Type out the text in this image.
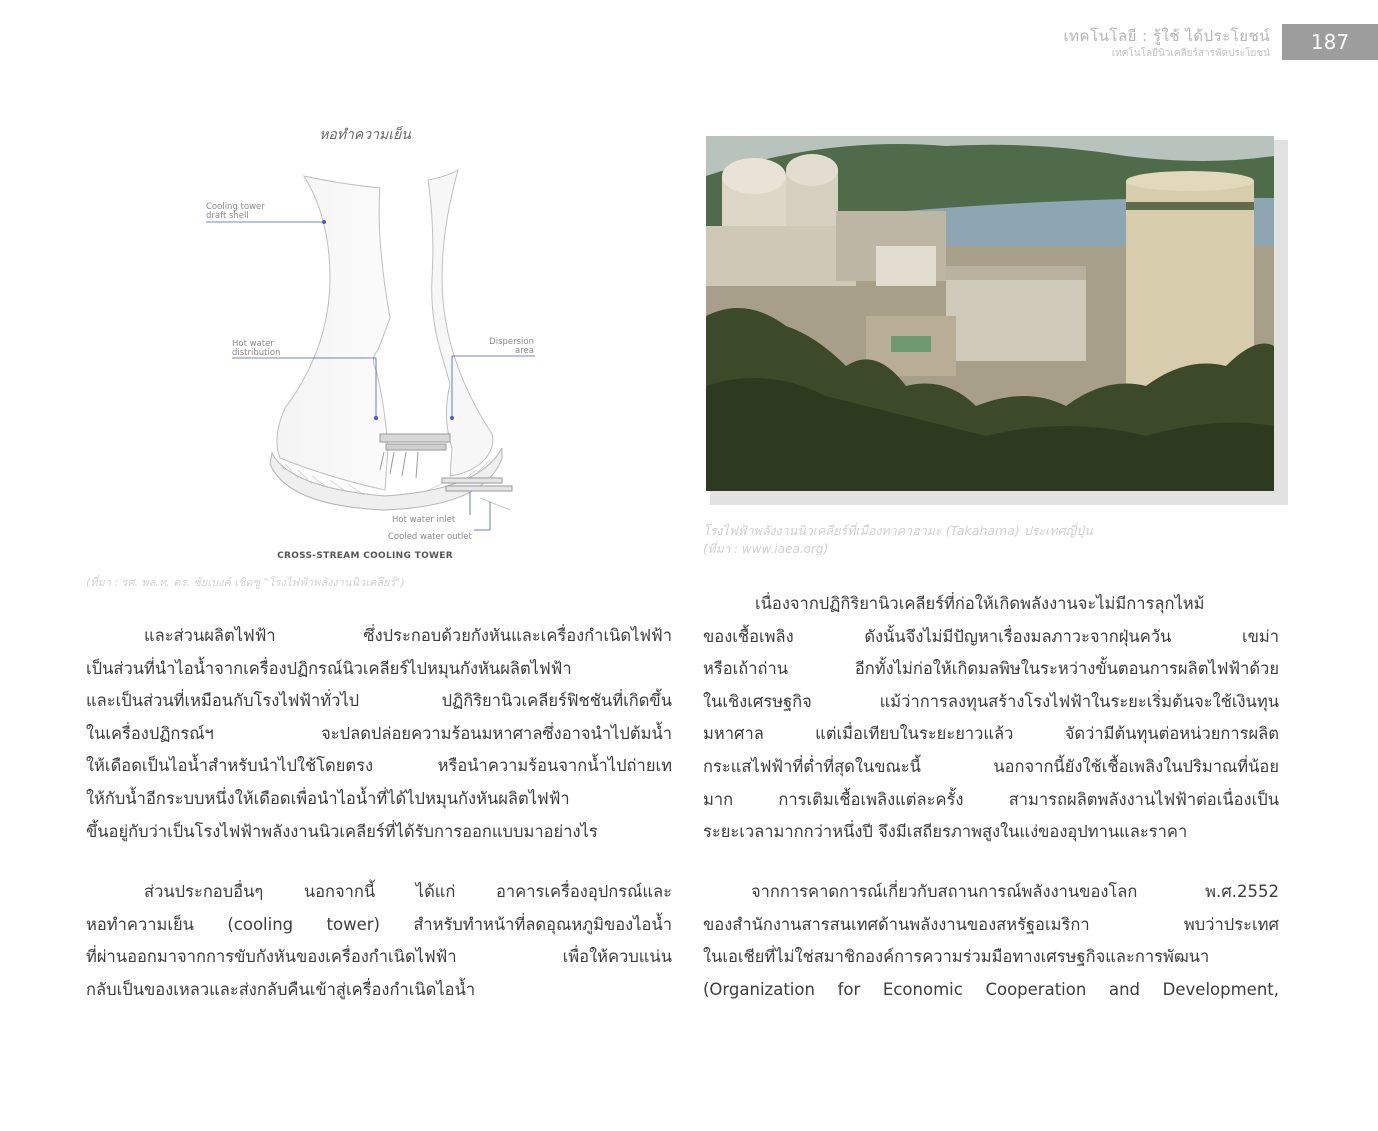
เทคโนโลยี : รู้ใช้ ได้ประโยชน์
เทคโนโลยีนิวเคลียร์สารพัดประโยชน์	187
หอทำความเย็น
Cooling tower
draft shell
Hot water
distribution
Dispersion
area
Hot water inlet
Cooled water outlet
CROSS-STREAM COOLING TOWER
(ที่มา : รศ. พล.ท. ดร. ชัยเบงค์ เชิดชู "โรงไฟฟ้าพลังงานนิวเคลียร์")
โรงไฟฟ้าพลังงานนิวเคลียร์ที่เมืองทาคาฮามะ (Takahama) ประเทศญี่ปุ่น
(ที่มา : www.iaea.org)
และส่วนผลิตไฟฟ้า ซึ่งประกอบด้วยกังหันและเครื่องกำเนิดไฟฟ้า
เป็นส่วนที่นำไอน้ำจากเครื่องปฏิกรณ์นิวเคลียร์ไปหมุนกังหันผลิตไฟฟ้า
และเป็นส่วนที่เหมือนกับโรงไฟฟ้าทั่วไป ปฏิกิริยานิวเคลียร์ฟิชชันที่เกิดขึ้น
ในเครื่องปฏิกรณ์ฯ จะปลดปล่อยความร้อนมหาศาลซึ่งอาจนำไปต้มน้ำ
ให้เดือดเป็นไอน้ำสำหรับนำไปใช้โดยตรง หรือนำความร้อนจากน้ำไปถ่ายเท
ให้กับน้ำอีกระบบหนึ่งให้เดือดเพื่อนำไอน้ำที่ได้ไปหมุนกังหันผลิตไฟฟ้า
ขึ้นอยู่กับว่าเป็นโรงไฟฟ้าพลังงานนิวเคลียร์ที่ได้รับการออกแบบมาอย่างไร
ส่วนประกอบอื่นๆ นอกจากนี้ ได้แก่ อาคารเครื่องอุปกรณ์และ
หอทำความเย็น (cooling tower) สำหรับทำหน้าที่ลดอุณหภูมิของไอน้ำ
ที่ผ่านออกมาจากการขับกังหันของเครื่องกำเนิดไฟฟ้า เพื่อให้ควบแน่น
กลับเป็นของเหลวและส่งกลับคืนเข้าสู่เครื่องกำเนิดไอน้ำ
เนื่องจากปฏิกิริยานิวเคลียร์ที่ก่อให้เกิดพลังงานจะไม่มีการลุกไหม้
ของเชื้อเพลิง ดังนั้นจึงไม่มีปัญหาเรื่องมลภาวะจากฝุ่นควัน เขม่า
หรือเถ้าถ่าน อีกทั้งไม่ก่อให้เกิดมลพิษในระหว่างขั้นตอนการผลิตไฟฟ้าด้วย
ในเชิงเศรษฐกิจ แม้ว่าการลงทุนสร้างโรงไฟฟ้าในระยะเริ่มต้นจะใช้เงินทุน
มหาศาล แต่เมื่อเทียบในระยะยาวแล้ว จัดว่ามีต้นทุนต่อหน่วยการผลิต
กระแสไฟฟ้าที่ต่ำที่สุดในขณะนี้ นอกจากนี้ยังใช้เชื้อเพลิงในปริมาณที่น้อย
มาก การเติมเชื้อเพลิงแต่ละครั้ง สามารถผลิตพลังงานไฟฟ้าต่อเนื่องเป็น
ระยะเวลามากกว่าหนึ่งปี จึงมีเสถียรภาพสูงในแง่ของอุปทานและราคา
จากการคาดการณ์เกี่ยวกับสถานการณ์พลังงานของโลก พ.ศ.2552
ของสำนักงานสารสนเทศด้านพลังงานของสหรัฐอเมริกา พบว่าประเทศ
ในเอเชียที่ไม่ใช่สมาชิกองค์การความร่วมมือทางเศรษฐกิจและการพัฒนา
(Organization for Economic Cooperation and Development,
